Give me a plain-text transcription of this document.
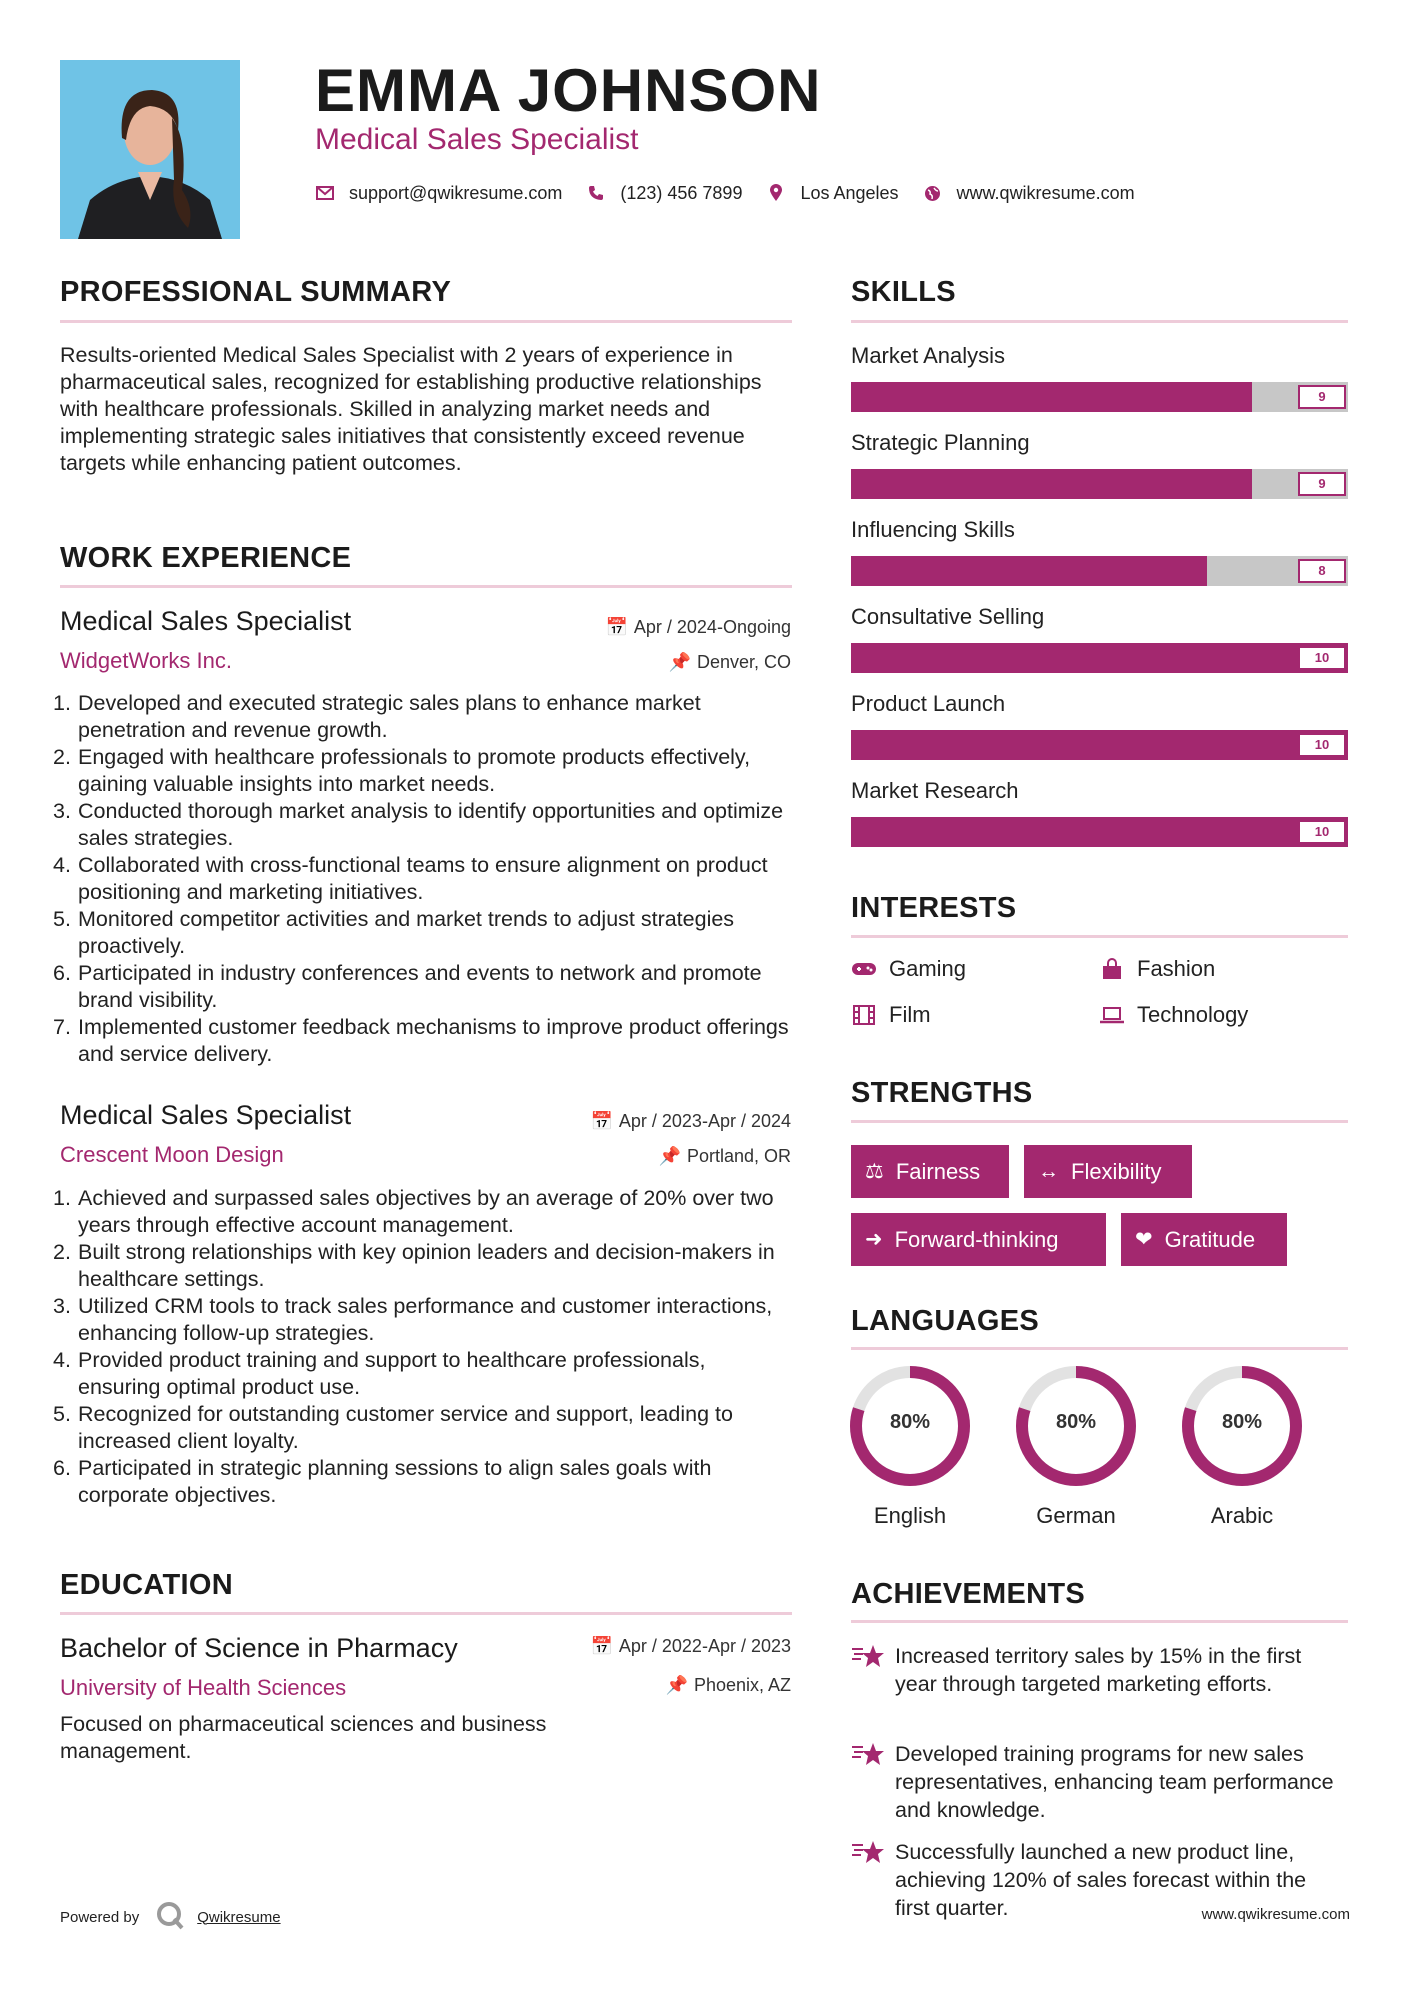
EMMA JOHNSON
Medical Sales Specialist
support@qwikresume.com	(123) 456 7899	Los Angeles	www.qwikresume.com
PROFESSIONAL SUMMARY
Results-oriented Medical Sales Specialist with 2 years of experience in pharmaceutical sales, recognized for establishing productive relationships with healthcare professionals. Skilled in analyzing market needs and implementing strategic sales initiatives that consistently exceed revenue targets while enhancing patient outcomes.
WORK EXPERIENCE
Medical Sales Specialist	📅 Apr / 2024-Ongoing
WidgetWorks Inc.	📌 Denver, CO
Developed and executed strategic sales plans to enhance market penetration and revenue growth.
Engaged with healthcare professionals to promote products effectively, gaining valuable insights into market needs.
Conducted thorough market analysis to identify opportunities and optimize sales strategies.
Collaborated with cross-functional teams to ensure alignment on product positioning and marketing initiatives.
Monitored competitor activities and market trends to adjust strategies proactively.
Participated in industry conferences and events to network and promote brand visibility.
Implemented customer feedback mechanisms to improve product offerings and service delivery.
Medical Sales Specialist	📅 Apr / 2023-Apr / 2024
Crescent Moon Design	📌 Portland, OR
Achieved and surpassed sales objectives by an average of 20% over two years through effective account management.
Built strong relationships with key opinion leaders and decision-makers in healthcare settings.
Utilized CRM tools to track sales performance and customer interactions, enhancing follow-up strategies.
Provided product training and support to healthcare professionals, ensuring optimal product use.
Recognized for outstanding customer service and support, leading to increased client loyalty.
Participated in strategic planning sessions to align sales goals with corporate objectives.
EDUCATION
Bachelor of Science in Pharmacy	📅 Apr / 2022-Apr / 2023
University of Health Sciences	📌 Phoenix, AZ
Focused on pharmaceutical sciences and business management.
SKILLS
Market Analysis
9
Strategic Planning
9
Influencing Skills
8
Consultative Selling
10
Product Launch
10
Market Research
10
INTERESTS
Gaming	Fashion
Film	Technology
STRENGTHS
⚖ Fairness	↔ Flexibility
➜ Forward-thinking	❤ Gratitude
LANGUAGES
80%
English
80%
German
80%
Arabic
ACHIEVEMENTS
Increased territory sales by 15% in the first year through targeted marketing efforts.
Developed training programs for new sales representatives, enhancing team performance and knowledge.
Successfully launched a new product line, achieving 120% of sales forecast within the first quarter.
Powered by	Qwikresume	www.qwikresume.com
